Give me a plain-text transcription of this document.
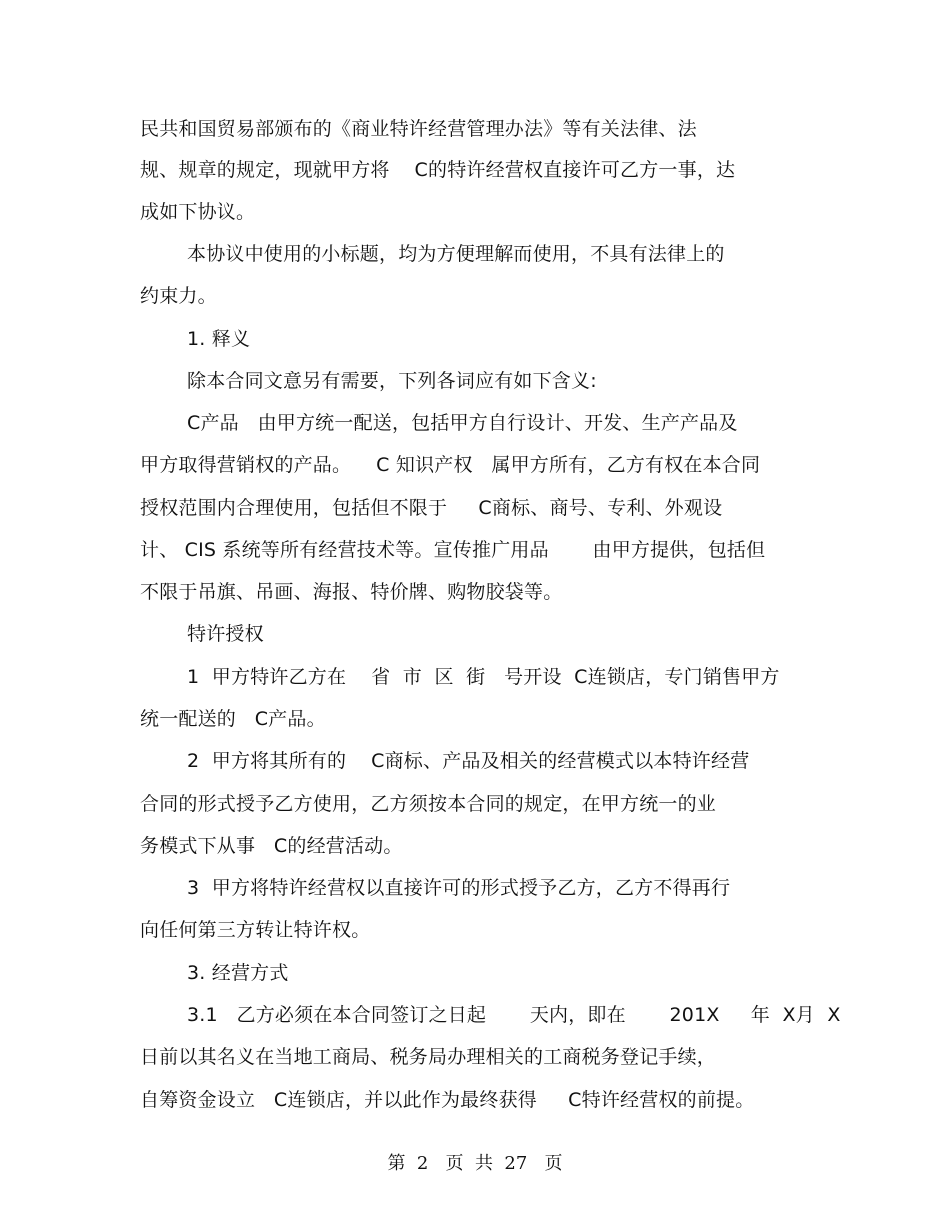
民共和国贸易部颁布的《商业特许经营管理办法》等有关法律、法
规、规章的规定，现就甲方将    C的特许经营权直接许可乙方一事，达
成如下协议。
本协议中使用的小标题，均为方便理解而使用，不具有法律上的
约束力。
1. 释义
除本合同文意另有需要，下列各词应有如下含义:
C产品   由甲方统一配送，包括甲方自行设计、开发、生产产品及
甲方取得营销权的产品。    C 知识产权   属甲方所有，乙方有权在本合同
授权范围内合理使用，包括但不限于     C商标、商号、专利、外观设
计、 CIS 系统等所有经营技术等。宣传推广用品       由甲方提供，包括但
不限于吊旗、吊画、海报、特价牌、购物胶袋等。
特许授权
1  甲方特许乙方在    省  市  区  街   号开设  C连锁店，专门销售甲方
统一配送的   C产品。
2  甲方将其所有的    C商标、产品及相关的经营模式以本特许经营
合同的形式授予乙方使用，乙方须按本合同的规定，在甲方统一的业
务模式下从事   C的经营活动。
3  甲方将特许经营权以直接许可的形式授予乙方，乙方不得再行
向任何第三方转让特许权。
3. 经营方式
3.1   乙方必须在本合同签订之日起       天内，即在       201X     年  X月  X
日前以其名义在当地工商局、税务局办理相关的工商税务登记手续，
自筹资金设立   C连锁店，并以此作为最终获得     C特许经营权的前提。
第  2   页  共  27   页
